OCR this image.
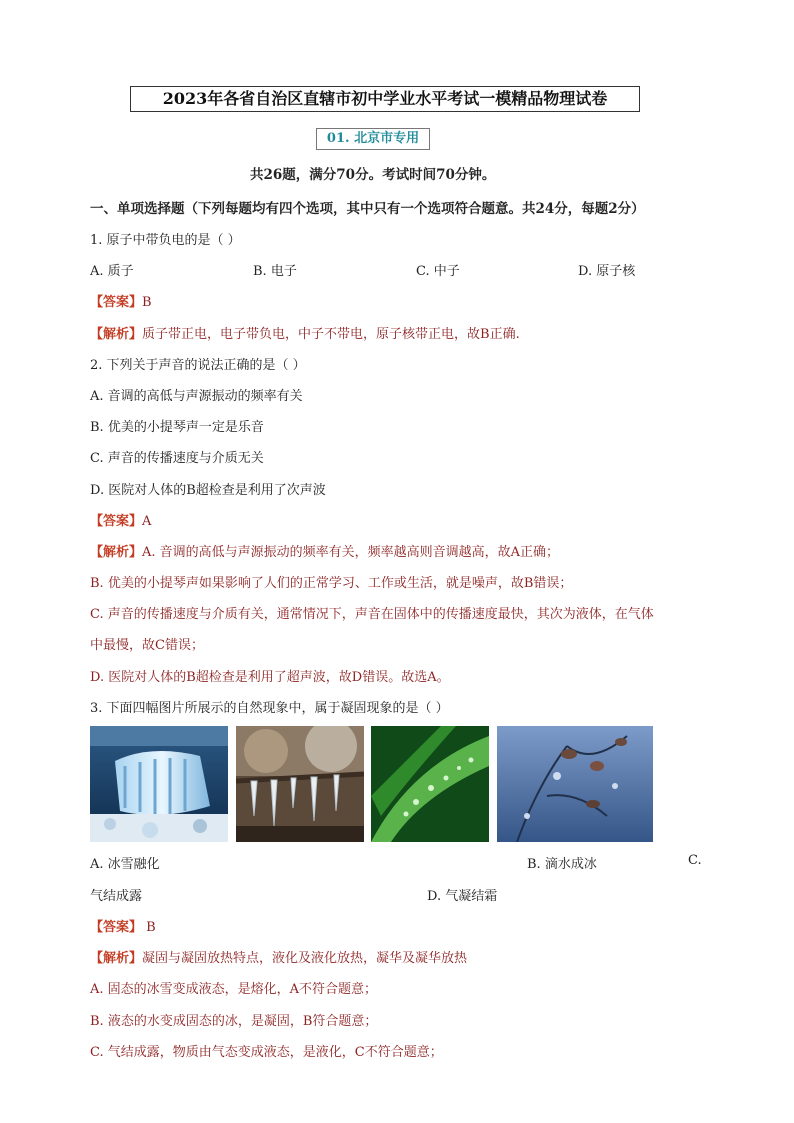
2023年各省自治区直辖市初中学业水平考试一模精品物理试卷
01. 北京市专用
共26题，满分70分。考试时间70分钟。
一、单项选择题（下列每题均有四个选项，其中只有一个选项符合题意。共24分，每题2分）
1. 原子中带负电的是（ ）
A. 质子	B. 电子	C. 中子	D. 原子核
【答案】B
【解析】质子带正电，电子带负电，中子不带电，原子核带正电，故B正确.
2. 下列关于声音的说法正确的是（ ）
A. 音调的高低与声源振动的频率有关
B. 优美的小提琴声一定是乐音
C. 声音的传播速度与介质无关
D. 医院对人体的B超检查是利用了次声波
【答案】A
【解析】A. 音调的高低与声源振动的频率有关，频率越高则音调越高，故A正确；
B. 优美的小提琴声如果影响了人们的正常学习、工作或生活，就是噪声，故B错误；
C. 声音的传播速度与介质有关，通常情况下，声音在固体中的传播速度最快，其次为液体，在气体
中最慢，故C错误；
D. 医院对人体的B超检查是利用了超声波，故D错误。故选A。
3. 下面四幅图片所展示的自然现象中，属于凝固现象的是（ ）
A. 冰雪融化	B. 滴水成冰	C.
气结成露	D. 气凝结霜
【答案】 B
【解析】凝固与凝固放热特点，液化及液化放热，凝华及凝华放热
A. 固态的冰雪变成液态，是熔化，A不符合题意；
B. 液态的水变成固态的冰，是凝固，B符合题意；
C. 气结成露，物质由气态变成液态，是液化，C不符合题意；
